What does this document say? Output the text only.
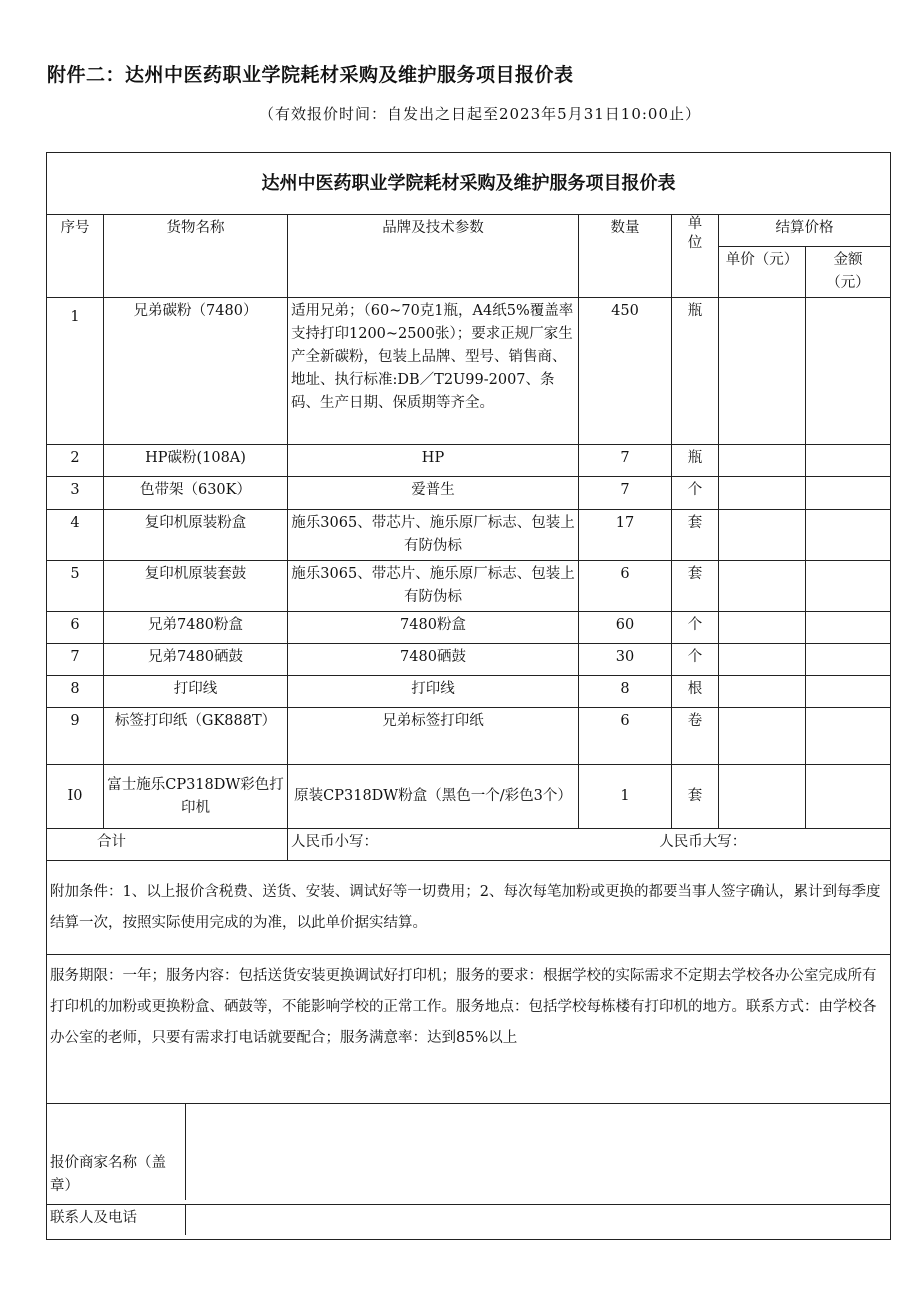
附件二：达州中医药职业学院耗材采购及维护服务项目报价表
（有效报价时间：自发出之日起至2023年5月31日10:00止）
达州中医药职业学院耗材采购及维护服务项目报价表						
序号	货物名称	品牌及技术参数	数量	单位	结算价格	
					单价（元）	金额（元）
1	兄弟碳粉（7480）	适用兄弟；（60~70克1瓶，A4纸5%覆盖率支持打印1200~2500张）；要求正规厂家生产全新碳粉，包装上品牌、型号、销售商、地址、执行标准:DB／T2U99-2007、条码、生产日期、保质期等齐全。	450	瓶		
2	HP碳粉(108A)	HP	7	瓶		
3	色带架（630K）	爱普生	7	个		
4	复印机原装粉盒	施乐3065、带芯片、施乐原厂标志、包装上有防伪标	17	套		
5	复印机原装套鼓	施乐3065、带芯片、施乐原厂标志、包装上有防伪标	6	套		
6	兄弟7480粉盒	7480粉盒	60	个		
7	兄弟7480硒鼓	7480硒鼓	30	个		
8	打印线	打印线	8	根		
9	标签打印纸（GK888T）	兄弟标签打印纸	6	卷		
I0	富士施乐CP318DW彩色打印机	原装CP318DW粉盒（黑色一个/彩色3个）	1	套		
合计		人民币小写： 人民币大写：				
附加条件：1、以上报价含税费、送货、安装、调试好等一切费用；2、每次每笔加粉或更换的都要当事人签字确认，累计到每季度结算一次，按照实际使用完成的为准，以此单价据实结算。						
服务期限：一年；服务内容：包括送货安装更换调试好打印机；服务的要求：根据学校的实际需求不定期去学校各办公室完成所有打印机的加粉或更换粉盒、硒鼓等，不能影响学校的正常工作。服务地点：包括学校每栋楼有打印机的地方。联系方式：由学校各办公室的老师，只要有需求打电话就要配合；服务满意率：达到85%以上						

报价商家名称（盖章）						

联系人及电话						
